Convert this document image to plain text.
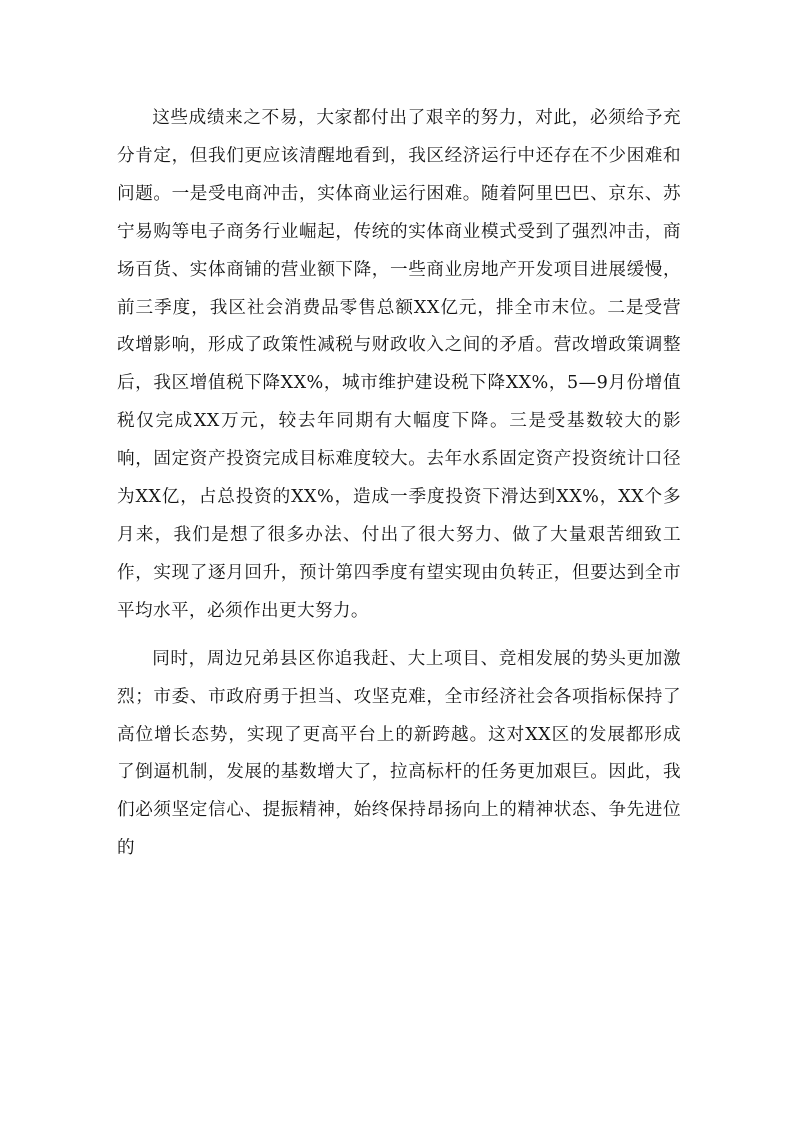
这些成绩来之不易，大家都付出了艰辛的努力，对此，必须给予充分肯定，但我们更应该清醒地看到，我区经济运行中还存在不少困难和问题。一是受电商冲击，实体商业运行困难。随着阿里巴巴、京东、苏宁易购等电子商务行业崛起，传统的实体商业模式受到了强烈冲击，商场百货、实体商铺的营业额下降，一些商业房地产开发项目进展缓慢，前三季度，我区社会消费品零售总额XX亿元，排全市末位。二是受营改增影响，形成了政策性减税与财政收入之间的矛盾。营改增政策调整后，我区增值税下降XX%，城市维护建设税下降XX%，5—9月份增值税仅完成XX万元，较去年同期有大幅度下降。三是受基数较大的影响，固定资产投资完成目标难度较大。去年水系固定资产投资统计口径为XX亿，占总投资的XX%，造成一季度投资下滑达到XX%，XX个多月来，我们是想了很多办法、付出了很大努力、做了大量艰苦细致工作，实现了逐月回升，预计第四季度有望实现由负转正，但要达到全市平均水平，必须作出更大努力。

同时，周边兄弟县区你追我赶、大上项目、竞相发展的势头更加激烈；市委、市政府勇于担当、攻坚克难，全市经济社会各项指标保持了高位增长态势，实现了更高平台上的新跨越。这对XX区的发展都形成了倒逼机制，发展的基数增大了，拉高标杆的任务更加艰巨。因此，我们必须坚定信心、提振精神，始终保持昂扬向上的精神状态、争先进位的
